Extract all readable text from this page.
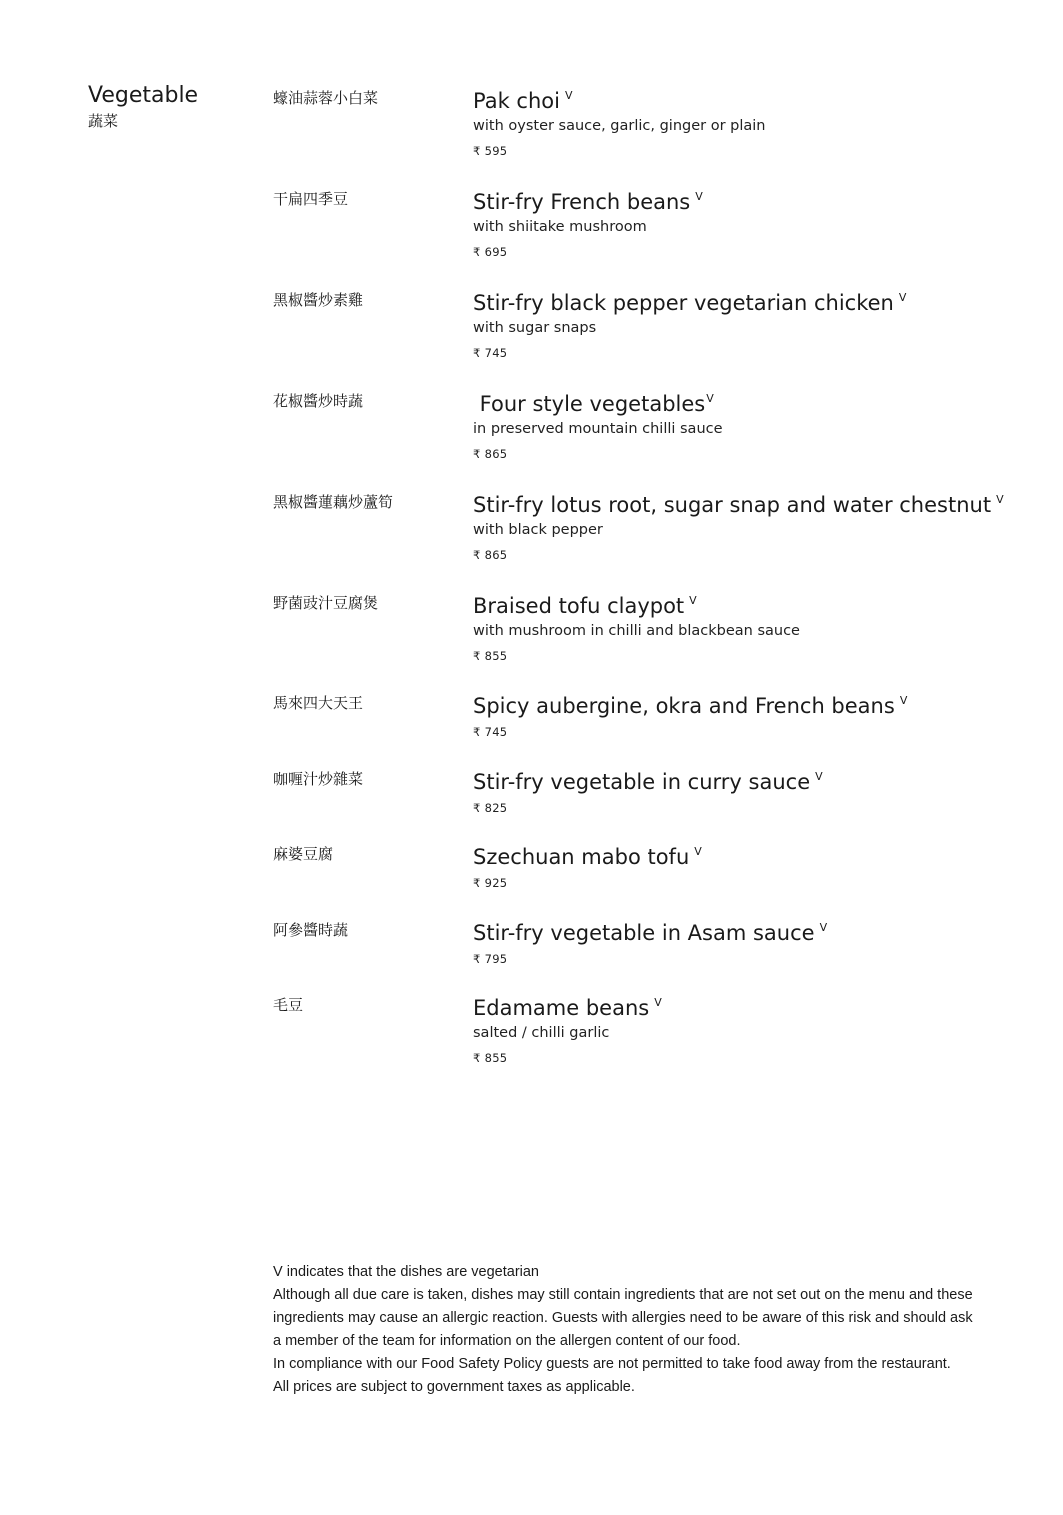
Vegetable
蔬菜
蠔油蒜蓉小白菜	Pak choi $^V$
with oyster sauce, garlic, ginger or plain
₹ 595
干扁四季豆	Stir-fry French beans $^V$
with shiitake mushroom
₹ 695
黑椒醬炒素雞	Stir-fry black pepper vegetarian chicken $^V$
with sugar snaps
₹ 745
花椒醬炒時蔬	Four style vegetables$^V$
in preserved mountain chilli sauce
₹ 865
黑椒醬蓮藕炒蘆筍	Stir-fry lotus root, sugar snap and water chestnut $^V$
with black pepper
₹ 865
野菌豉汁豆腐煲	Braised tofu claypot $^V$
with mushroom in chilli and blackbean sauce
₹ 855
馬來四大天王	Spicy aubergine, okra and French beans $^V$
₹ 745
咖喱汁炒雜菜	Stir-fry vegetable in curry sauce $^V$
₹ 825
麻婆豆腐	Szechuan mabo tofu $^V$
₹ 925
阿參醬時蔬	Stir-fry vegetable in Asam sauce $^V$
₹ 795
毛豆	Edamame beans $^V$
salted / chilli garlic
₹ 855

V indicates that the dishes are vegetarian

Although all due care is taken, dishes may still contain ingredients that are not set out on the menu and these ingredients may cause an allergic reaction. Guests with allergies need to be aware of this risk and should ask a member of the team for information on the allergen content of our food.

In compliance with our Food Safety Policy guests are not permitted to take food away from the restaurant.

All prices are subject to government taxes as applicable.
